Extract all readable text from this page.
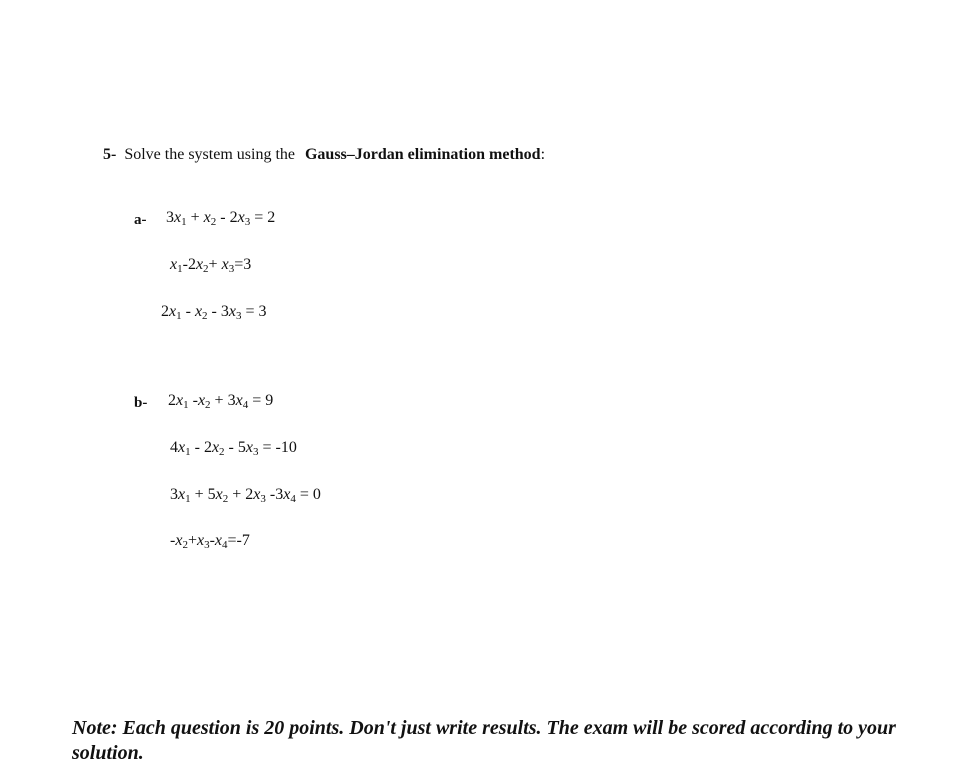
5- Solve the system using the Gauss–Jordan elimination method:
a- $3x_1 + x_2 - 2x_3 = 2$
$x_1-2x_2+ x_3=3$
$2x_1 - x_2 - 3x_3 = 3$
b- $2x_1$ $-x_2 + 3x_4 = 9$
$4x_1 - 2x_2 - 5x_3 = -10$
$3x_1 + 5x_2 + 2x_3$ $-3x_4 = 0$
$-x_2+x_3-x_4=-7$
Note: Each question is 20 points. Don't just write results. The exam will be scored according to your solution.
